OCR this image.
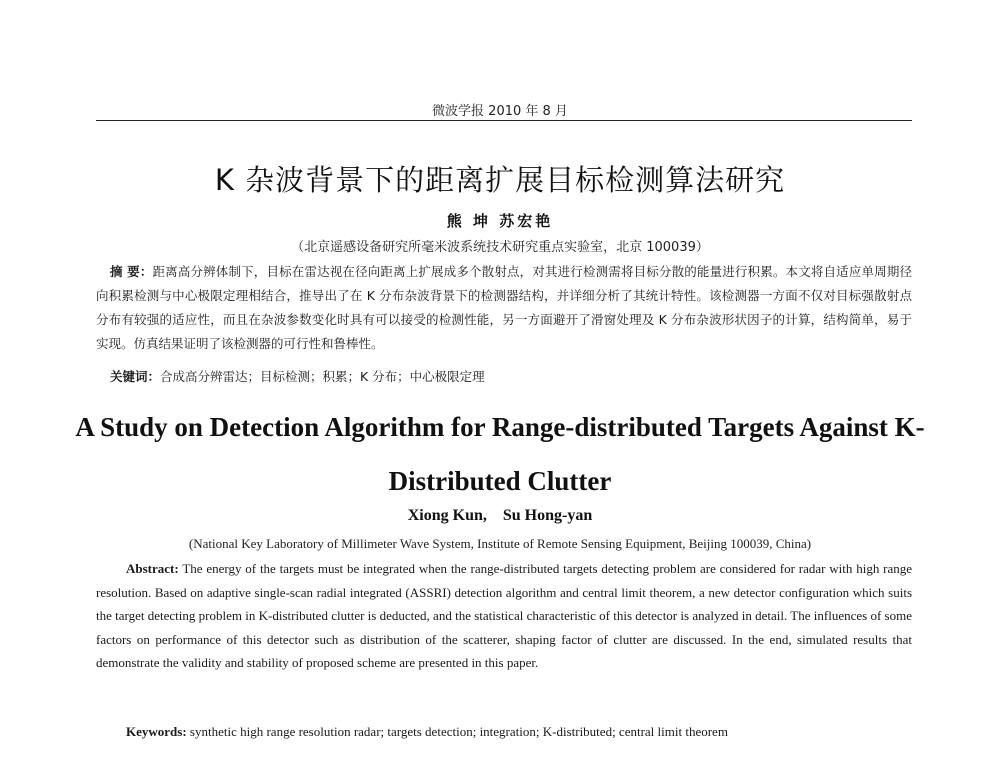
微波学报 2010 年 8 月
K 杂波背景下的距离扩展目标检测算法研究
熊 坤 苏宏艳
（北京遥感设备研究所毫米波系统技术研究重点实验室，北京 100039）
摘 要：距离高分辨体制下，目标在雷达视在径向距离上扩展成多个散射点，对其进行检测需将目标分散的能量进行积累。本文将自适应单周期径向积累检测与中心极限定理相结合，推导出了在 K 分布杂波背景下的检测器结构，并详细分析了其统计特性。该检测器一方面不仅对目标强散射点分布有较强的适应性，而且在杂波参数变化时具有可以接受的检测性能，另一方面避开了滑窗处理及 K 分布杂波形状因子的计算，结构简单，易于实现。仿真结果证明了该检测器的可行性和鲁棒性。
关键词：合成高分辨雷达；目标检测；积累；K 分布；中心极限定理
A Study on Detection Algorithm for Range-distributed Targets Against K-Distributed Clutter
Xiong Kun,    Su Hong-yan
(National Key Laboratory of Millimeter Wave System, Institute of Remote Sensing Equipment, Beijing 100039, China)
Abstract: The energy of the targets must be integrated when the range-distributed targets detecting problem are considered for radar with high range resolution. Based on adaptive single-scan radial integrated (ASSRI) detection algorithm and central limit theorem, a new detector configuration which suits the target detecting problem in K-distributed clutter is deducted, and the statistical characteristic of this detector is analyzed in detail. The influences of some factors on performance of this detector such as distribution of the scatterer, shaping factor of clutter are discussed. In the end, simulated results that demonstrate the validity and stability of proposed scheme are presented in this paper.
Keywords: synthetic high range resolution radar; targets detection; integration; K-distributed; central limit theorem
